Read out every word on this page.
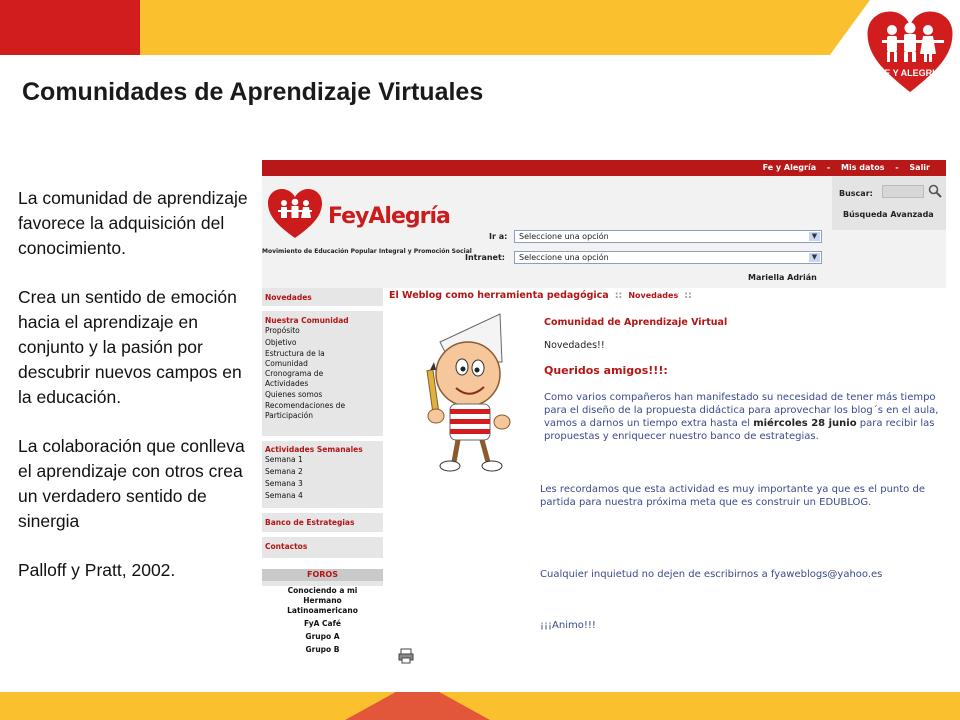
FE Y ALEGRIA
Comunidades de Aprendizaje Virtuales

La comunidad de aprendizaje favorece la adquisición del conocimiento.

Crea un sentido de emoción hacia el aprendizaje en conjunto y la pasión por descubrir nuevos campos en la educación.

La colaboración que conlleva el aprendizaje con otros crea un verdadero sentido de sinergia

Palloff y Pratt, 2002.

Fe y Alegría - Mis datos - Salir
FeyAlegría
Movimiento de Educación Popular Integral y Promoción Social
Buscar:
Búsqueda Avanzada
Ir a:	Seleccione una opción	▼
Intranet:	Seleccione una opción	▼
Mariella Adrián
Novedades
Nuestra Comunidad
Propósito
Objetivo
Estructura de la Comunidad
Cronograma de Actividades
Quienes somos
Recomendaciones de Participación
Actividades Semanales
Semana 1
Semana 2
Semana 3
Semana 4
Banco de Estrategias
Contactos
FOROS
Conociendo a mi Hermano Latinoamericano
FyA Café
Grupo A
Grupo B
El Weblog como herramienta pedagógica :: Novedades ::
Comunidad de Aprendizaje Virtual
Novedades!!
Queridos amigos!!!:
Como varios compañeros han manifestado su necesidad de tener más tiempo para el diseño de la propuesta didáctica para aprovechar los blog´s en el aula, vamos a darnos un tiempo extra hasta el miércoles 28 junio para recibir las propuestas y enriquecer nuestro banco de estrategias.
Les recordamos que esta actividad es muy importante ya que es el punto de partida para nuestra próxima meta que es construir un EDUBLOG.
Cualquier inquietud no dejen de escribirnos a fyaweblogs@yahoo.es
¡¡¡Animo!!!
